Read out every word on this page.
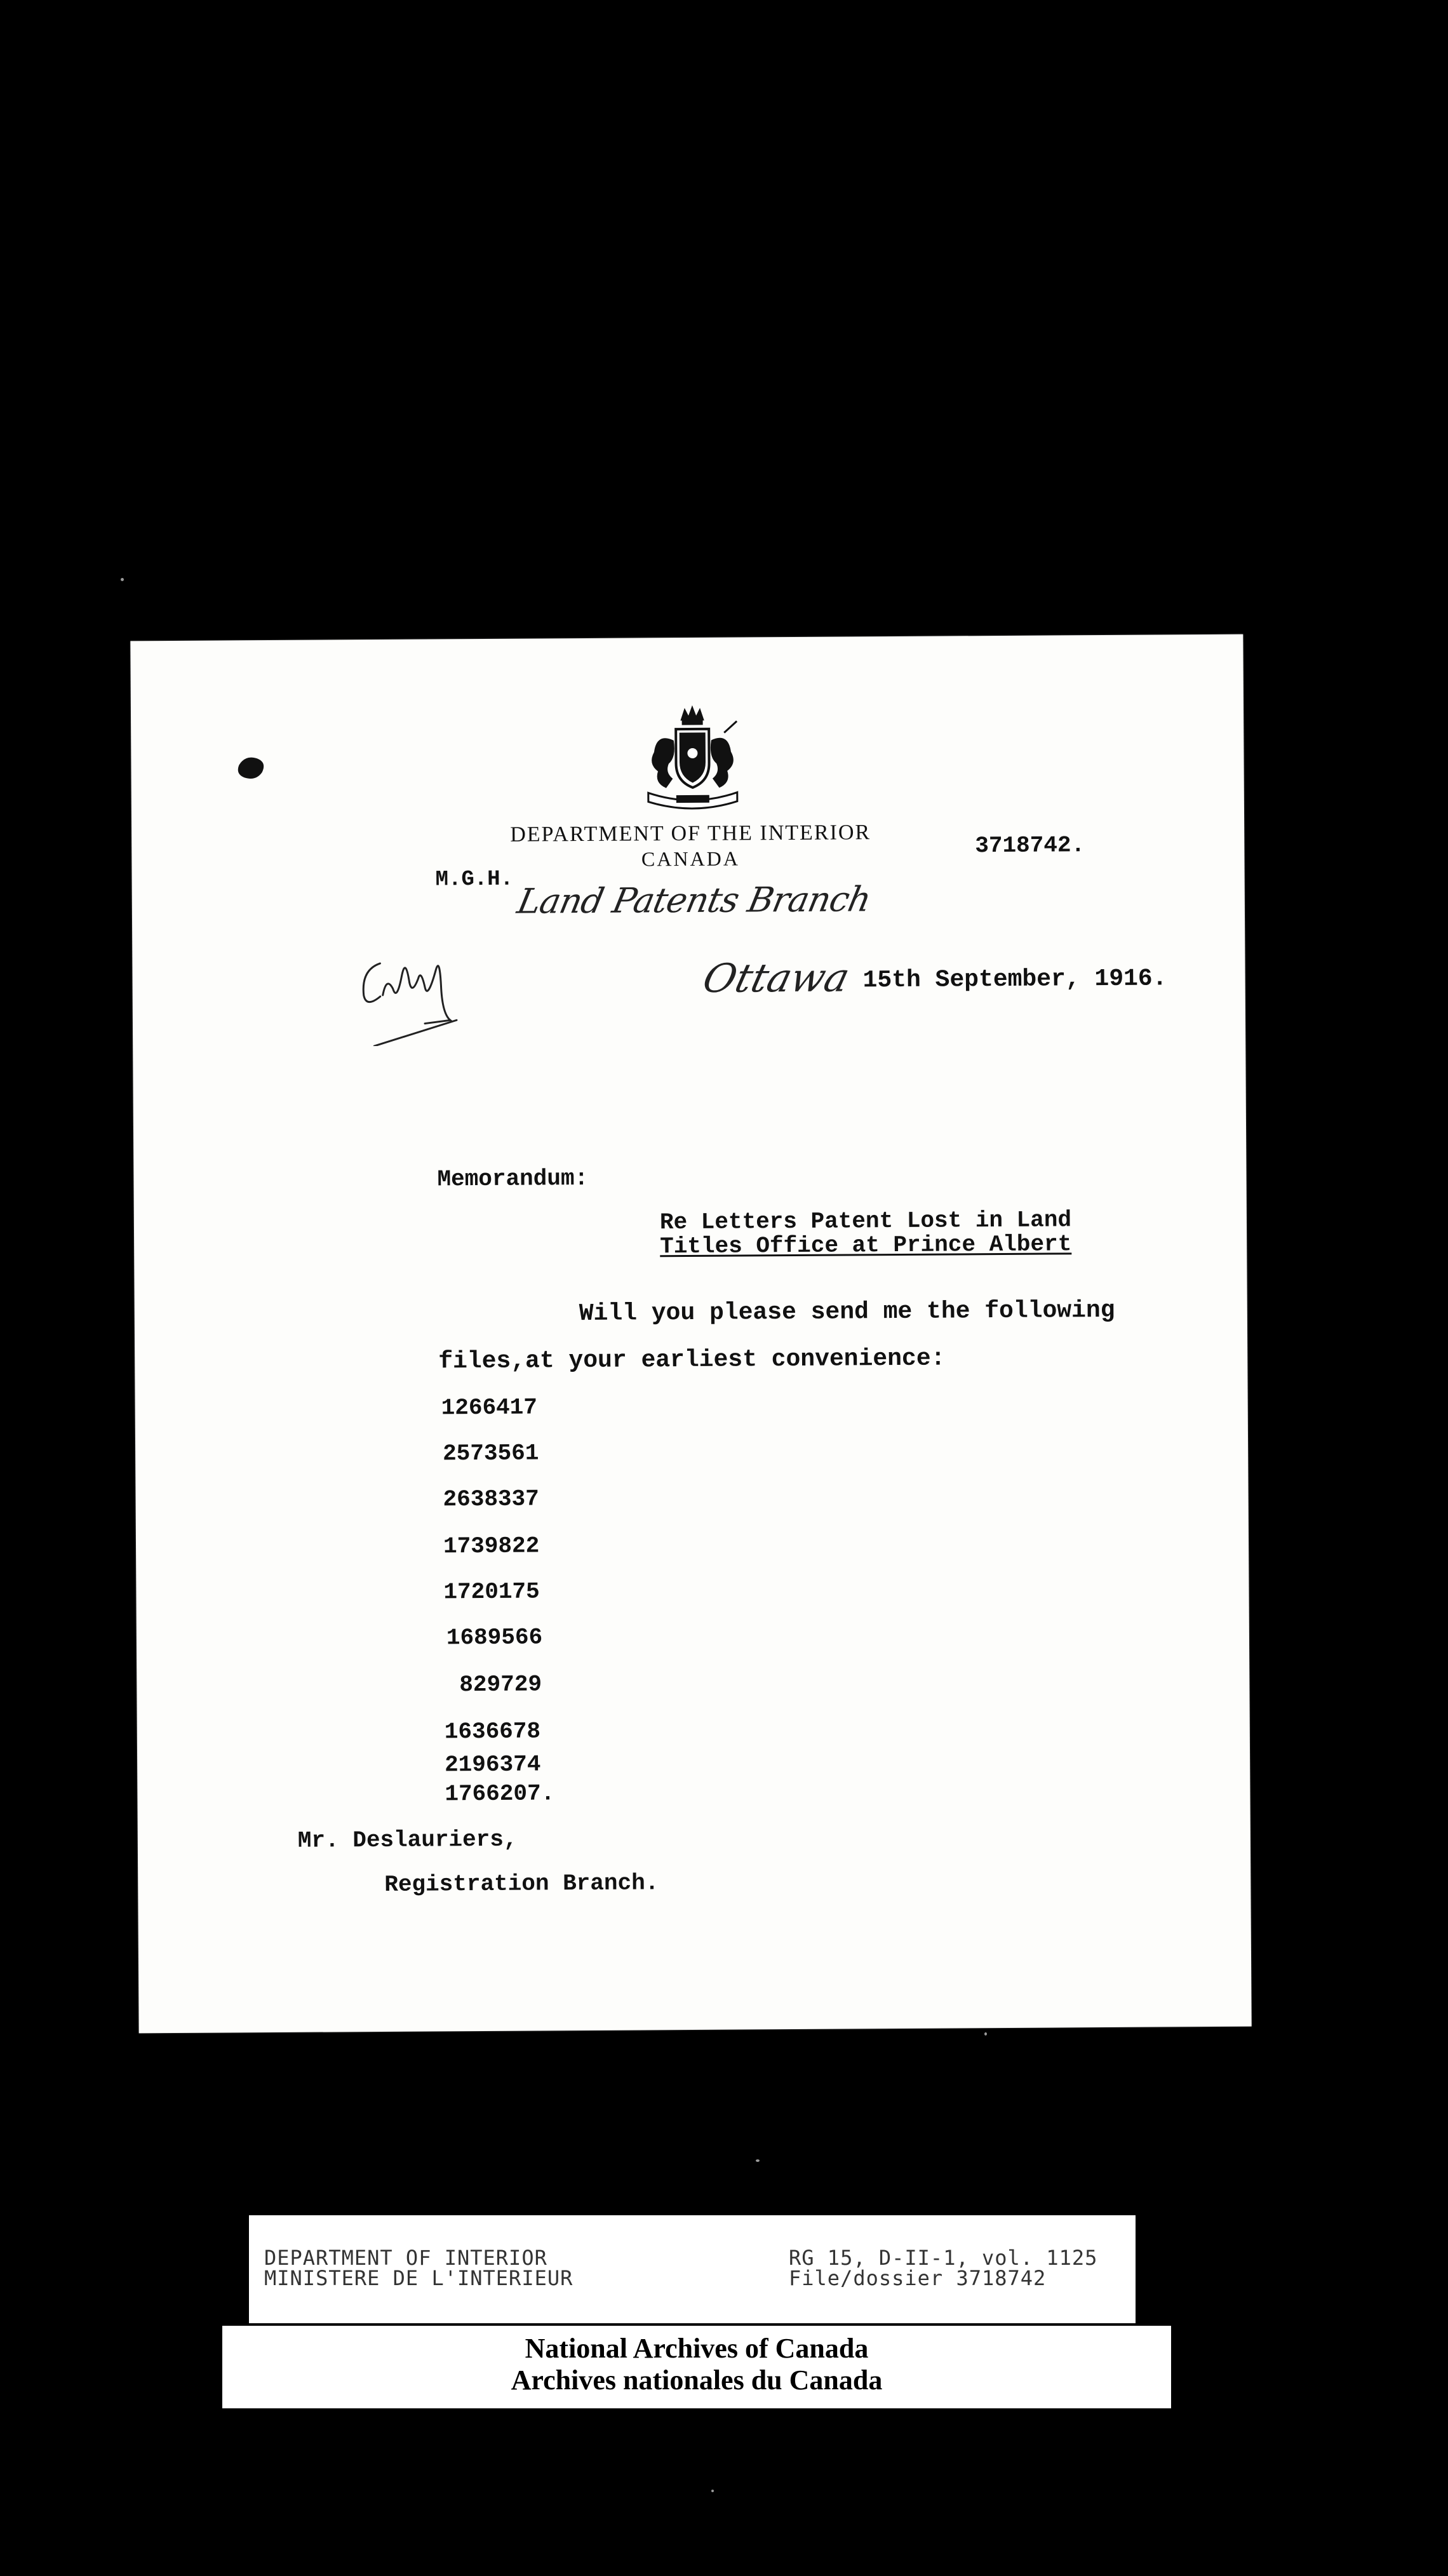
DEPARTMENT OF THE INTERIOR
CANADA	3718742.
M.G.H. Land Patents Branch
Ottawa 15th September, 1916.
Memorandum:
Re Letters Patent Lost in Land
Titles Office at Prince Albert
Will you please send me the following
files,at your earliest convenience:
1266417
2573561
2638337
1739822
1720175
1689566
829729
1636678
2196374
1766207.
Mr. Deslauriers,
Registration Branch.
DEPARTMENT OF INTERIOR
MINISTERE DE L'INTERIEUR
RG 15, D-II-1, vol. 1125
File/dossier 3718742
National Archives of Canada
Archives nationales du Canada
